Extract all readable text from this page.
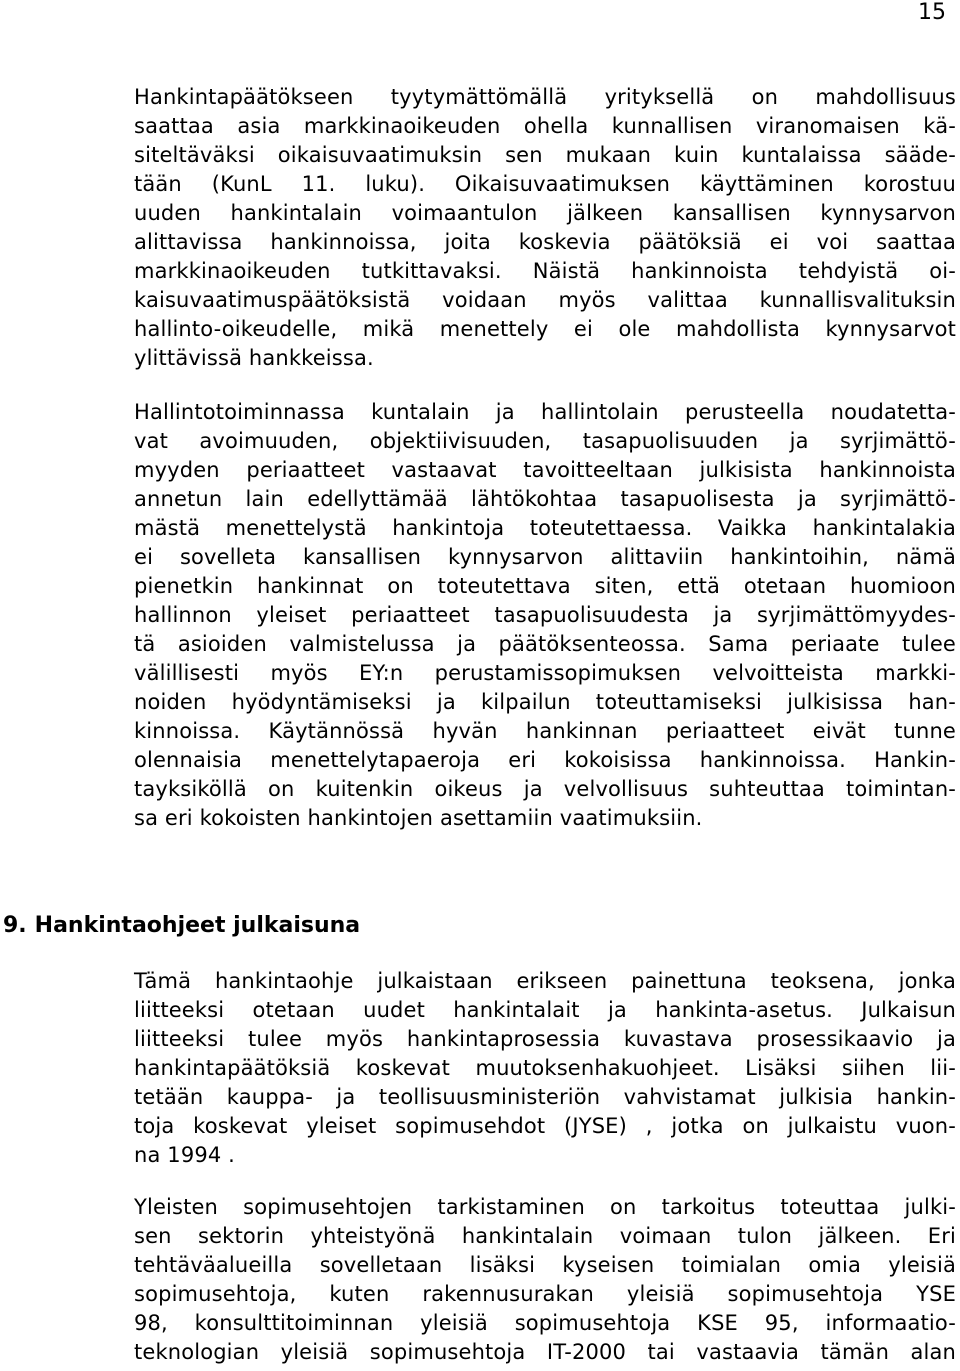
15
Hankintapäätökseen tyytymättömällä yrityksellä on mahdollisuus
saattaa asia markkinaoikeuden ohella kunnallisen viranomaisen kä-
siteltäväksi oikaisuvaatimuksin sen mukaan kuin kuntalaissa sääde-
tään (KunL 11. luku). Oikaisuvaatimuksen käyttäminen korostuu
uuden hankintalain voimaantulon jälkeen kansallisen kynnysarvon
alittavissa hankinnoissa, joita koskevia päätöksiä ei voi saattaa
markkinaoikeuden tutkittavaksi. Näistä hankinnoista tehdyistä oi-
kaisuvaatimuspäätöksistä voidaan myös valittaa kunnallisvalituksin
hallinto-oikeudelle, mikä menettely ei ole mahdollista kynnysarvot
ylittävissä hankkeissa.
Hallintotoiminnassa kuntalain ja hallintolain perusteella noudatetta-
vat avoimuuden, objektiivisuuden, tasapuolisuuden ja syrjimättö-
myyden periaatteet vastaavat tavoitteeltaan julkisista hankinnoista
annetun lain edellyttämää lähtökohtaa tasapuolisesta ja syrjimättö-
mästä menettelystä hankintoja toteutettaessa. Vaikka hankintalakia
ei sovelleta kansallisen kynnysarvon alittaviin hankintoihin, nämä
pienetkin hankinnat on toteutettava siten, että otetaan huomioon
hallinnon yleiset periaatteet tasapuolisuudesta ja syrjimättömyydes-
tä asioiden valmistelussa ja päätöksenteossa. Sama periaate tulee
välillisesti myös EY:n perustamissopimuksen velvoitteista markki-
noiden hyödyntämiseksi ja kilpailun toteuttamiseksi julkisissa han-
kinnoissa. Käytännössä hyvän hankinnan periaatteet eivät tunne
olennaisia menettelytapaeroja eri kokoisissa hankinnoissa. Hankin-
tayksiköllä on kuitenkin oikeus ja velvollisuus suhteuttaa toimintan-
sa eri kokoisten hankintojen asettamiin vaatimuksiin.
9. Hankintaohjeet julkaisuna
Tämä hankintaohje julkaistaan erikseen painettuna teoksena, jonka
liitteeksi otetaan uudet hankintalait ja hankinta-asetus. Julkaisun
liitteeksi tulee myös hankintaprosessia kuvastava prosessikaavio ja
hankintapäätöksiä koskevat muutoksenhakuohjeet. Lisäksi siihen lii-
tetään kauppa- ja teollisuusministeriön vahvistamat julkisia hankin-
toja koskevat yleiset sopimusehdot (JYSE) , jotka on julkaistu vuon-
na 1994 .
Yleisten sopimusehtojen tarkistaminen on tarkoitus toteuttaa julki-
sen sektorin yhteistyönä hankintalain voimaan tulon jälkeen. Eri
tehtäväalueilla sovelletaan lisäksi kyseisen toimialan omia yleisiä
sopimusehtoja, kuten rakennusurakan yleisiä sopimusehtoja YSE
98, konsulttitoiminnan yleisiä sopimusehtoja KSE 95, informaatio-
teknologian yleisiä sopimusehtoja IT-2000 tai vastaavia tämän alan
